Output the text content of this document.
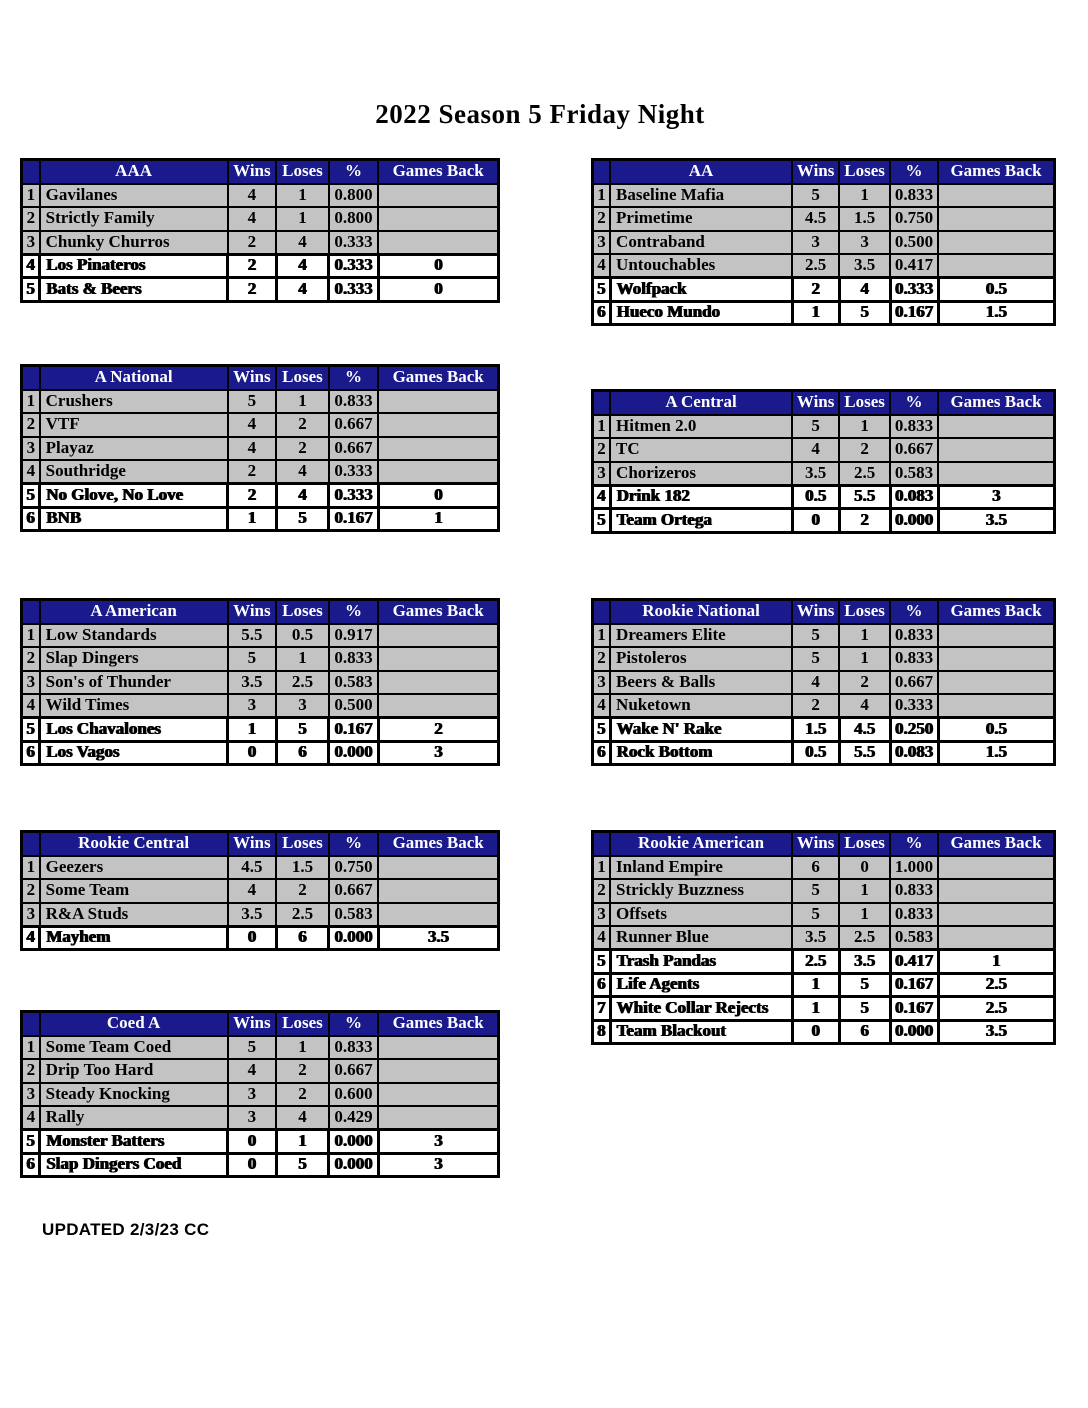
2022 Season 5 Friday Night
UPDATED 2/3/23 CC
	AAA	Wins	Loses	%	Games Back
1	Gavilanes	4	1	0.800	
2	Strictly Family	4	1	0.800	
3	Chunky Churros	2	4	0.333	
4	Los Pinateros	2	4	0.333	0
5	Bats & Beers	2	4	0.333	0
	AA	Wins	Loses	%	Games Back
1	Baseline Mafia	5	1	0.833	
2	Primetime	4.5	1.5	0.750	
3	Contraband	3	3	0.500	
4	Untouchables	2.5	3.5	0.417	
5	Wolfpack	2	4	0.333	0.5
6	Hueco Mundo	1	5	0.167	1.5
	A National	Wins	Loses	%	Games Back
1	Crushers	5	1	0.833	
2	VTF	4	2	0.667	
3	Playaz	4	2	0.667	
4	Southridge	2	4	0.333	
5	No Glove, No Love	2	4	0.333	0
6	BNB	1	5	0.167	1
	A Central	Wins	Loses	%	Games Back
1	Hitmen 2.0	5	1	0.833	
2	TC	4	2	0.667	
3	Chorizeros	3.5	2.5	0.583	
4	Drink 182	0.5	5.5	0.083	3
5	Team Ortega	0	2	0.000	3.5
	A American	Wins	Loses	%	Games Back
1	Low Standards	5.5	0.5	0.917	
2	Slap Dingers	5	1	0.833	
3	Son's of Thunder	3.5	2.5	0.583	
4	Wild Times	3	3	0.500	
5	Los Chavalones	1	5	0.167	2
6	Los Vagos	0	6	0.000	3
	Rookie National	Wins	Loses	%	Games Back
1	Dreamers Elite	5	1	0.833	
2	Pistoleros	5	1	0.833	
3	Beers & Balls	4	2	0.667	
4	Nuketown	2	4	0.333	
5	Wake N' Rake	1.5	4.5	0.250	0.5
6	Rock Bottom	0.5	5.5	0.083	1.5
	Rookie Central	Wins	Loses	%	Games Back
1	Geezers	4.5	1.5	0.750	
2	Some Team	4	2	0.667	
3	R&A Studs	3.5	2.5	0.583	
4	Mayhem	0	6	0.000	3.5
	Rookie American	Wins	Loses	%	Games Back
1	Inland Empire	6	0	1.000	
2	Strickly Buzzness	5	1	0.833	
3	Offsets	5	1	0.833	
4	Runner Blue	3.5	2.5	0.583	
5	Trash Pandas	2.5	3.5	0.417	1
6	Life Agents	1	5	0.167	2.5
7	White Collar Rejects	1	5	0.167	2.5
8	Team Blackout	0	6	0.000	3.5
	Coed A	Wins	Loses	%	Games Back
1	Some Team Coed	5	1	0.833	
2	Drip Too Hard	4	2	0.667	
3	Steady Knocking	3	2	0.600	
4	Rally	3	4	0.429	
5	Monster Batters	0	1	0.000	3
6	Slap Dingers Coed	0	5	0.000	3
